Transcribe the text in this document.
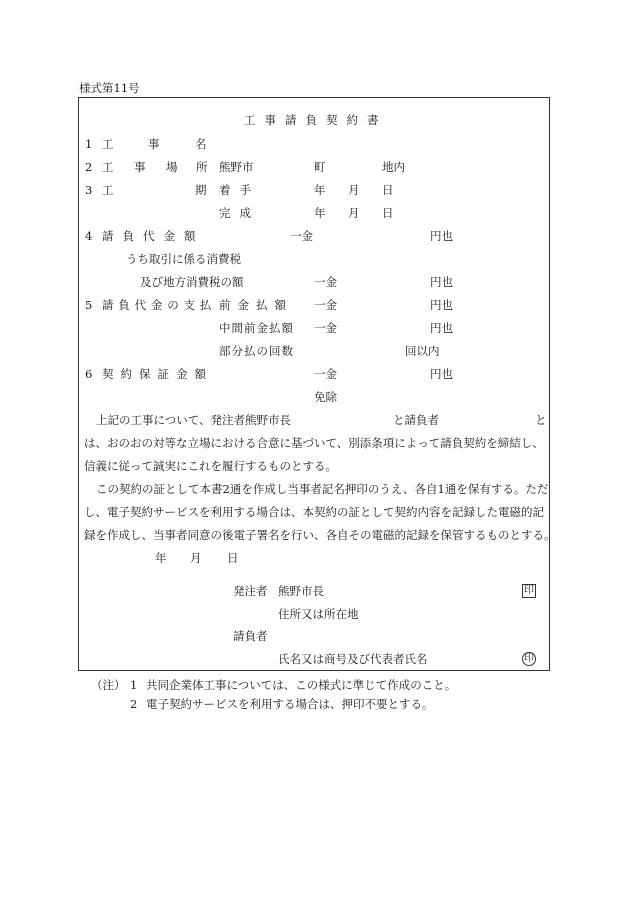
様式第11号
工事請負契約書
1 工	事	名
2 工 事 場 所 熊野市	町	地内
3 工	期 着手	年 月 日
完成	年 月 日
4 請負代金額	一金	円也
うち取引に係る消費税
及び地方消費税の額	一金	円也
5 請負代金の支払 前金払額 一金	円也
中間前金払額 一金	円也
部分払の回数	回以内
6 契約保証金額	一金	円也
免除
上記の工事について、発注者熊野市長	と請負者	と
は、おのおの対等な立場における合意に基づいて、別添条項によって請負契約を締結し、
信義に従って誠実にこれを履行するものとする。
この契約の証として本書2通を作成し当事者記名押印のうえ、各自1通を保有する。ただ
し、電子契約サービスを利用する場合は、本契約の証として契約内容を記録した電磁的記
録を作成し、当事者同意の後電子署名を行い、各自その電磁的記録を保管するものとする。
年 月 日
発注者 熊野市長	印
住所又は所在地
請負者
氏名又は商号及び代表者氏名	印
（注） 1 共同企業体工事については、この様式に準じて作成のこと。
2 電子契約サービスを利用する場合は、押印不要とする。
